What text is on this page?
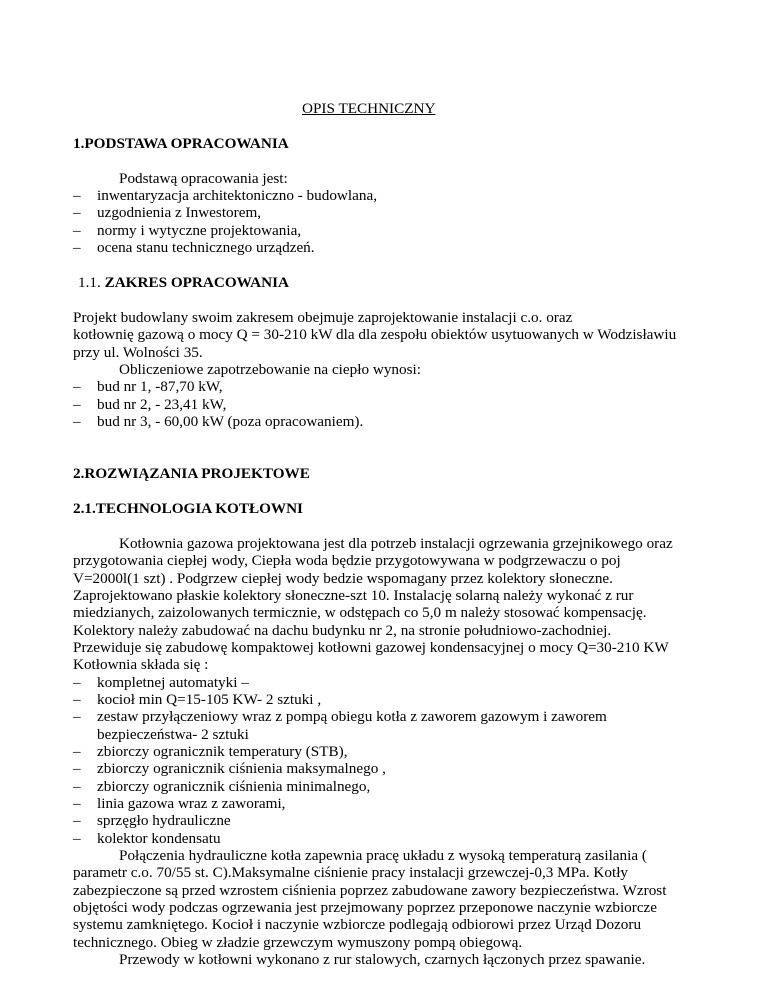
OPIS TECHNICZNY
1.PODSTAWA OPRACOWANIA
Podstawą opracowania jest:
– inwentaryzacja architektoniczno - budowlana,
– uzgodnienia z Inwestorem,
– normy i wytyczne projektowania,
– ocena stanu technicznego urządzeń.
1.1. ZAKRES OPRACOWANIA
Projekt budowlany swoim zakresem obejmuje zaprojektowanie instalacji c.o. oraz
kotłownię gazową o mocy Q = 30-210 kW dla dla zespołu obiektów usytuowanych w Wodzisławiu
przy ul. Wolności 35.
Obliczeniowe zapotrzebowanie na ciepło wynosi:
– bud nr 1, -87,70 kW,
– bud nr 2, - 23,41 kW,
– bud nr 3, - 60,00 kW (poza opracowaniem).
2.ROZWIĄZANIA PROJEKTOWE
2.1.TECHNOLOGIA KOTŁOWNI
Kotłownia gazowa projektowana jest dla potrzeb instalacji ogrzewania grzejnikowego oraz
przygotowania ciepłej wody, Ciepła woda będzie przygotowywana w podgrzewaczu o poj
V=2000l(1 szt) . Podgrzew ciepłej wody bedzie wspomagany przez kolektory słoneczne.
Zaprojektowano płaskie kolektory słoneczne-szt 10. Instalację solarną należy wykonać z rur
miedzianych, zaizolowanych termicznie, w odstępach co 5,0 m należy stosować kompensację.
Kolektory należy zabudować na dachu budynku nr 2, na stronie południowo-zachodniej.
Przewiduje się zabudowę kompaktowej kotłowni gazowej kondensacyjnej o mocy Q=30-210 KW
Kotłownia składa się :
– kompletnej automatyki –
– kocioł min Q=15-105 KW- 2 sztuki ,
– zestaw przyłączeniowy wraz z pompą obiegu kotła z zaworem gazowym i zaworem
bezpieczeństwa- 2 sztuki
– zbiorczy ogranicznik temperatury (STB),
– zbiorczy ogranicznik ciśnienia maksymalnego ,
– zbiorczy ogranicznik ciśnienia minimalnego,
– linia gazowa wraz z zaworami,
– sprzęgło hydrauliczne
– kolektor kondensatu
Połączenia hydrauliczne kotła zapewnia pracę układu z wysoką temperaturą zasilania (
parametr c.o. 70/55 st. C).Maksymalne ciśnienie pracy instalacji grzewczej-0,3 MPa. Kotły
zabezpieczone są przed wzrostem ciśnienia poprzez zabudowane zawory bezpieczeństwa. Wzrost
objętości wody podczas ogrzewania jest przejmowany poprzez przeponowe naczynie wzbiorcze
systemu zamkniętego. Kocioł i naczynie wzbiorcze podlegają odbiorowi przez Urząd Dozoru
technicznego. Obieg w zładzie grzewczym wymuszony pompą obiegową.
Przewody w kotłowni wykonano z rur stalowych, czarnych łączonych przez spawanie.
